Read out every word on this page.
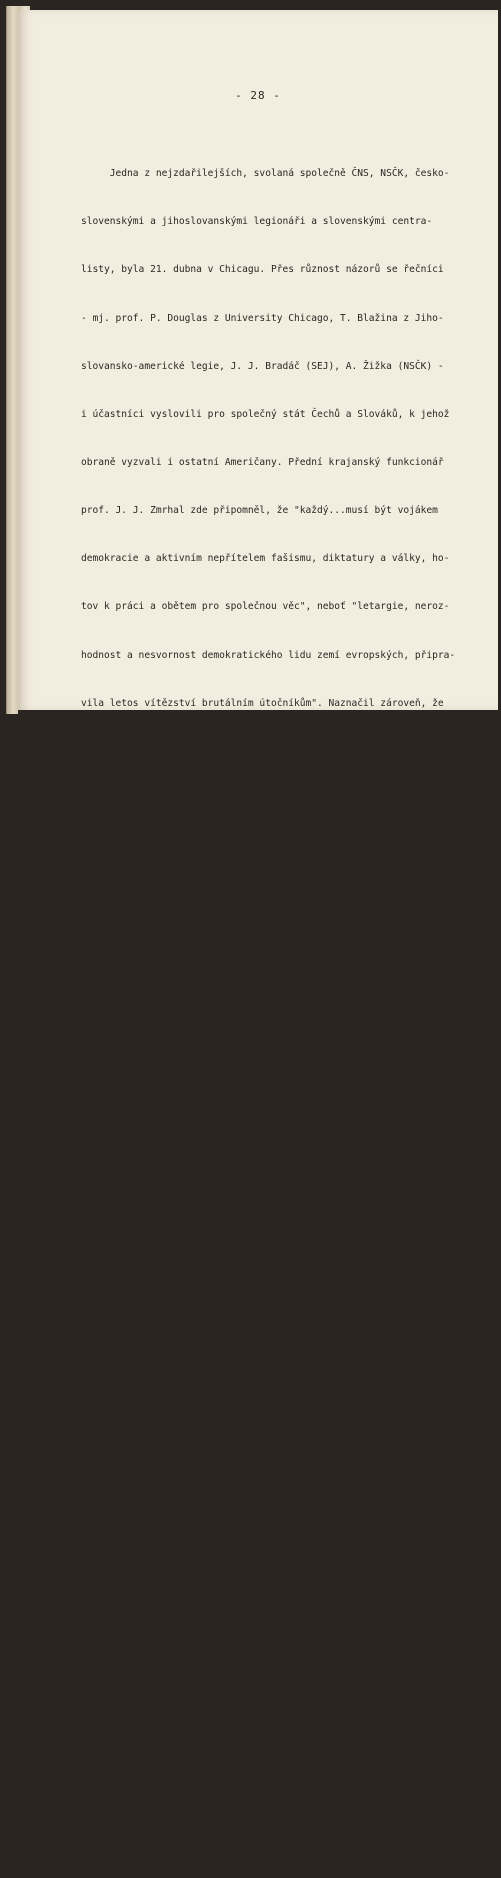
- 28 -

Jedna z nejzdařilejších, svolaná společně ČNS, NSČK, česko-

slovenskými a jihoslovanskými legionáři a slovenskými centra-

listy, byla 21. dubna v Chicagu. Přes různost názorů se řečníci

- mj. prof. P. Douglas z University Chicago, T. Blažina z Jiho-

slovansko-americké legie, J. J. Bradáč (SEJ), A. Žižka (NSČK) -

i účastníci vyslovili pro společný stát Čechů a Slováků, k jehož

obraně vyzvali i ostatní Američany. Přední krajanský funkcionář

prof. J. J. Zmrhal zde připomněl, že "každý...musí být vojákem

demokracie a aktivním nepřítelem fašismu, diktatury a války, ho-

tov k práci a obětem pro společnou věc", neboť "letargie, neroz-

hodnost a nesvornost demokratického lidu zemí evropských, připra-

vila letos vítězství brutálním útočníkům". Naznačil zároveň, že

ani "Amerika není na jiné planetě" a je tudíž třeba ofenzívně

vystupovat proti fašismu, barbarství a reakci, protože "co se

dnes ve světě děje, je hrozbou civilizace".$^{11}$ Přítomní o svém

stanovisku informovali představitele Československa dr. E. Bene-

še a dr. M. Hodžu, americké státníky F. D. Roosevelta a C. Hulla

i kongresmana českého původu A. Sabatha.

Schůze, přednášky, shromáždění a manifestace k propagaci

Československa a jeho boje za uhájení vlastní svrchovanosti se ko-

naly od prvních dní roku 1938 v mnoha místech Ameriky. Ve větši-

ně případů je svolávaly české kolonie. Dne 29. dubna

se uskutečnila manifestace Čechů a Slováků v Clevelandu již za

výrazného slovenského přispění. Na mítinku, konaném pod heslem

Skôr smrť ako život v otroctve, byli hlavními řečníky O. Zlámal

z NSČK a V. Matoušek, reprezentující čs. legionáře. Představite-

lé MDŘ, STJS a SEJ zde přijali rezoluci, v níž prohlásili:

"Nevieme si predstaviť lepšiu ochranu a zabezpečenie nášho národ-

ného života a kultúry, ako v terajšom spojení s bratmi Čechmi,

čo bolo nádejou všetkých našich vodcov po celú dobu nášho tisíc-

ročného jarma...sme odhodlaní svorne a nimi hájiť a brániť slo-

bodu a nezávislosť Československa. Ľudia, ktorí hovorí a uvažujú

o rozdelení Československa a pripojení komukoľvek, nezasluhujú

názvy Slovákov."$^{12}$ Učinili tak, přestože většinou nesouhlasili
